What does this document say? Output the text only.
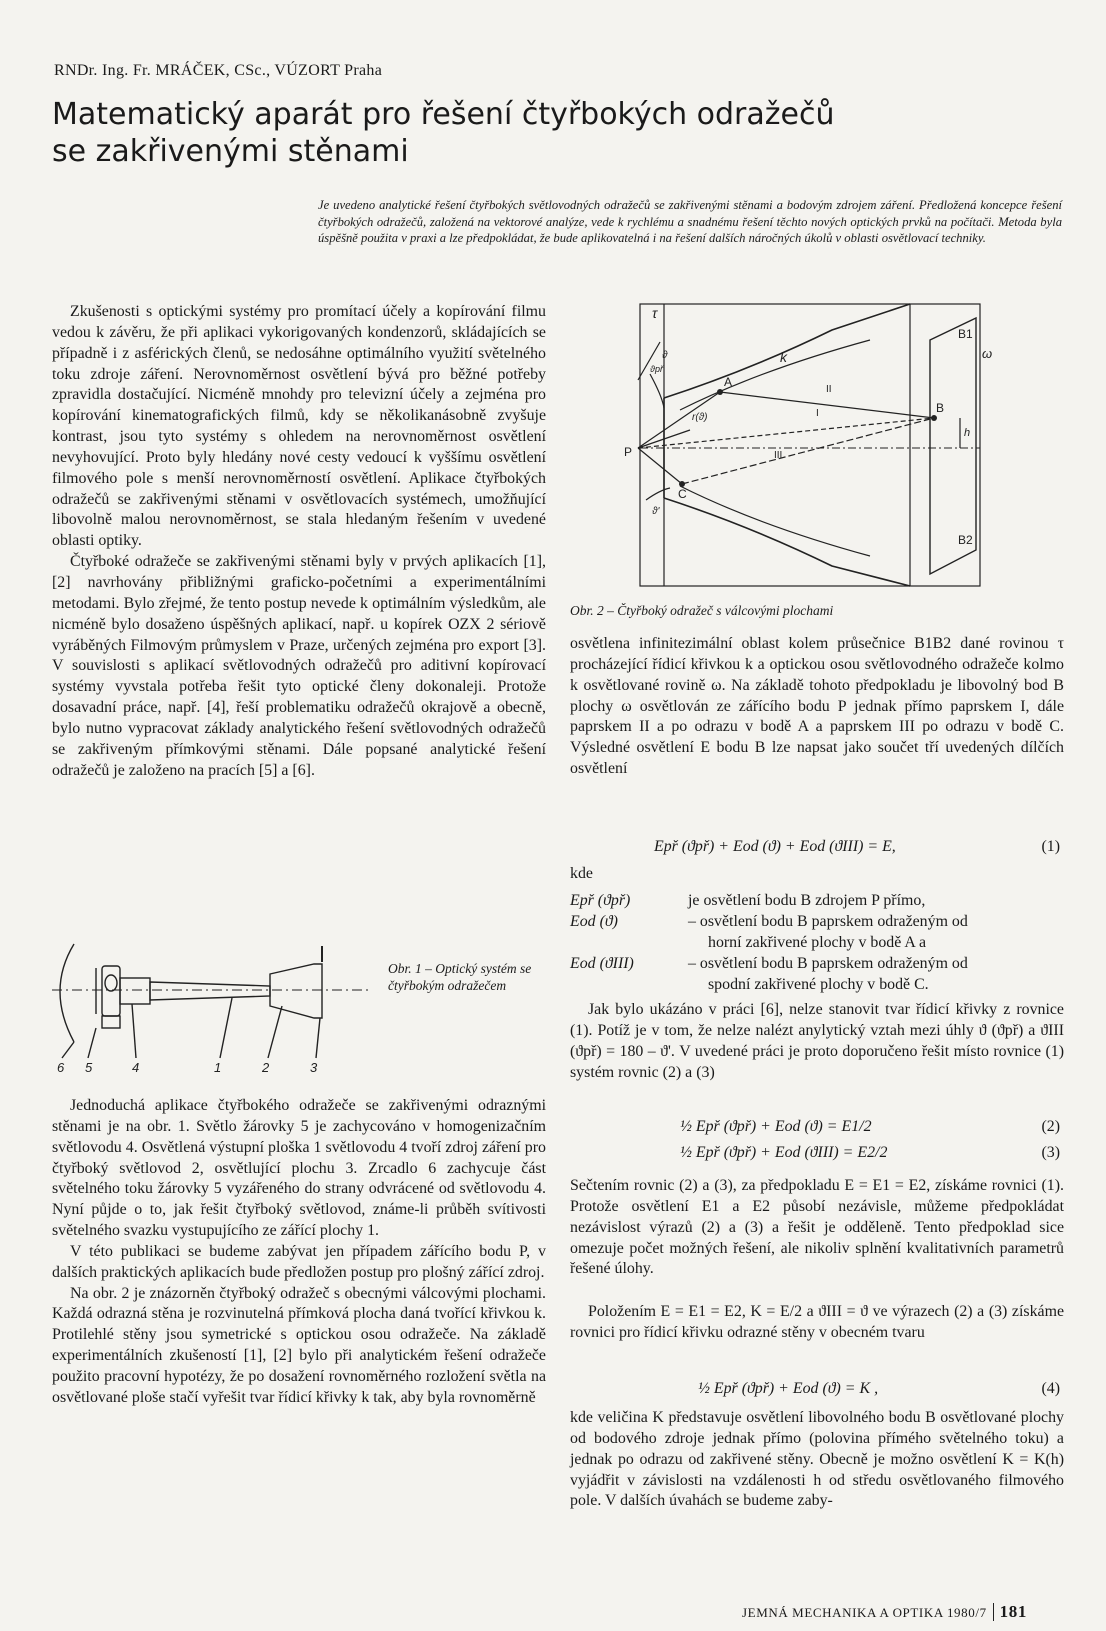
RNDr. Ing. Fr. MRÁČEK, CSc., VÚZORT Praha
Matematický aparát pro řešení čtyřbokých odražečů
se zakřivenými stěnami

Je uvedeno analytické řešení čtyřbokých světlovodných odražečů se zakřivenými stěnami a bodovým zdrojem záření. Předložená koncepce řešení čtyřbokých odražečů, založená na vektorové analýze, vede k rychlému a snadnému řešení těchto nových optických prvků na počítači. Metoda byla úspěšně použita v praxi a lze předpokládat, že bude aplikovatelná i na řešení dalších náročných úkolů v oblasti osvětlovací techniky.

Zkušenosti s optickými systémy pro promítací účely a kopírování filmu vedou k závěru, že při aplikaci vykorigovaných kondenzorů, skládajících se případně i z asférických členů, se nedosáhne optimálního využití světelného toku zdroje záření. Nerovnoměrnost osvětlení bývá pro běžné potřeby zpravidla dostačující. Nicméně mnohdy pro televizní účely a zejména pro kopírování kinematografických filmů, kdy se několikanásobně zvyšuje kontrast, jsou tyto systémy s ohledem na nerovnoměrnost osvětlení nevyhovující. Proto byly hledány nové cesty vedoucí k vyššímu osvětlení filmového pole s menší nerovnoměrností osvětlení. Aplikace čtyřbokých odražečů se zakřivenými stěnami v osvětlovacích systémech, umožňující libovolně malou nerovnoměrnost, se stala hledaným řešením v uvedené oblasti optiky.

Čtyřboké odražeče se zakřivenými stěnami byly v prvých aplikacích [1], [2] navrhovány přibližnými graficko-početními a experimentálními metodami. Bylo zřejmé, že tento postup nevede k optimálním výsledkům, ale nicméně bylo dosaženo úspěšných aplikací, např. u kopírek OZX 2 sériově vyráběných Filmovým průmyslem v Praze, určených zejména pro export [3]. V souvislosti s aplikací světlovodných odražečů pro aditivní kopírovací systémy vyvstala potřeba řešit tyto optické členy dokonaleji. Protože dosavadní práce, např. [4], řeší problematiku odražečů okrajově a obecně, bylo nutno vypracovat základy analytického řešení světlovodných odražečů se zakřiveným přímkovými stěnami. Dále popsané analytické řešení odražečů je založeno na pracích [5] a [6].

6 5	4	1	2	3
Obr. 1 – Optický systém se čtyřbokým odražečem

Jednoduchá aplikace čtyřbokého odražeče se zakřivenými odraznými stěnami je na obr. 1. Světlo žárovky 5 je zachycováno v homogenizačním světlovodu 4. Osvětlená výstupní ploška 1 světlovodu 4 tvoří zdroj záření pro čtyřboký světlovod 2, osvětlující plochu 3. Zrcadlo 6 zachycuje část světelného toku žárovky 5 vyzářeného do strany odvrácené od světlovodu 4. Nyní půjde o to, jak řešit čtyřboký světlovod, známe-li průběh svítivosti světelného svazku vystupujícího ze zářící plochy 1.

V této publikaci se budeme zabývat jen případem zářícího bodu P, v dalších praktických aplikacích bude předložen postup pro plošný zářící zdroj.

Na obr. 2 je znázorněn čtyřboký odražeč s obecnými válcovými plochami. Každá odrazná stěna je rozvinutelná přímková plocha daná tvořící křivkou k. Protilehlé stěny jsou symetrické s optickou osou odražeče. Na základě experimentálních zkušeností [1], [2] bylo při analytickém řešení odražeče použito pracovní hypotézy, že po dosažení rovnoměrného rozložení světla na osvětlované ploše stačí vyřešit tvar řídicí křivky k tak, aby byla rovnoměrně

τ
k
A
B
C
P
B1
B2
ω
h
I
II
III
r(ϑ)
ϑ
ϑpř
ϑ'
Obr. 2 – Čtyřboký odražeč s válcovými plochami

osvětlena infinitezimální oblast kolem průsečnice B1B2 dané rovinou τ procházející řídicí křivkou k a optickou osou světlovodného odražeče kolmo k osvětlované rovině ω. Na základě tohoto předpokladu je libovolný bod B plochy ω osvětlován ze zářícího bodu P jednak přímo paprskem I, dále paprskem II a po odrazu v bodě A a paprskem III po odrazu v bodě C. Výsledné osvětlení E bodu B lze napsat jako součet tří uvedených dílčích osvětlení

Epř (ϑpř) + Eod (ϑ) + Eod (ϑIII) = E,	(1)
kde
Epř (ϑpř)	je osvětlení bodu B zdrojem P přímo,
Eod (ϑ)	– osvětlení bodu B paprskem odraženým od
horní zakřivené plochy v bodě A a
Eod (ϑIII)	– osvětlení bodu B paprskem odraženým od
spodní zakřivené plochy v bodě C.

Jak bylo ukázáno v práci [6], nelze stanovit tvar řídicí křivky z rovnice (1). Potíž je v tom, že nelze nalézt anylytický vztah mezi úhly ϑ (ϑpř) a ϑIII (ϑpř) = 180 – ϑ'. V uvedené práci je proto doporučeno řešit místo rovnice (1) systém rovnic (2) a (3)

½ Epř (ϑpř) + Eod (ϑ) = E1/2	(2)
½ Epř (ϑpř) + Eod (ϑIII) = E2/2	(3)

Sečtením rovnic (2) a (3), za předpokladu E = E1 = E2, získáme rovnici (1). Protože osvětlení E1 a E2 působí nezávisle, můžeme předpokládat nezávislost výrazů (2) a (3) a řešit je odděleně. Tento předpoklad sice omezuje počet možných řešení, ale nikoliv splnění kvalitativních parametrů řešené úlohy.

Položením E = E1 = E2, K = E/2 a ϑIII = ϑ ve výrazech (2) a (3) získáme rovnici pro řídicí křivku odrazné stěny v obecném tvaru

½ Epř (ϑpř) + Eod (ϑ) = K ,	(4)

kde veličina K představuje osvětlení libovolného bodu B osvětlované plochy od bodového zdroje jednak přímo (polovina přímého světelného toku) a jednak po odrazu od zakřivené stěny. Obecně je možno osvětlení K = K(h) vyjádřit v závislosti na vzdálenosti h od středu osvětlovaného filmového pole. V dalších úvahách se budeme zaby-

JEMNÁ MECHANIKA A OPTIKA 1980/7 181
